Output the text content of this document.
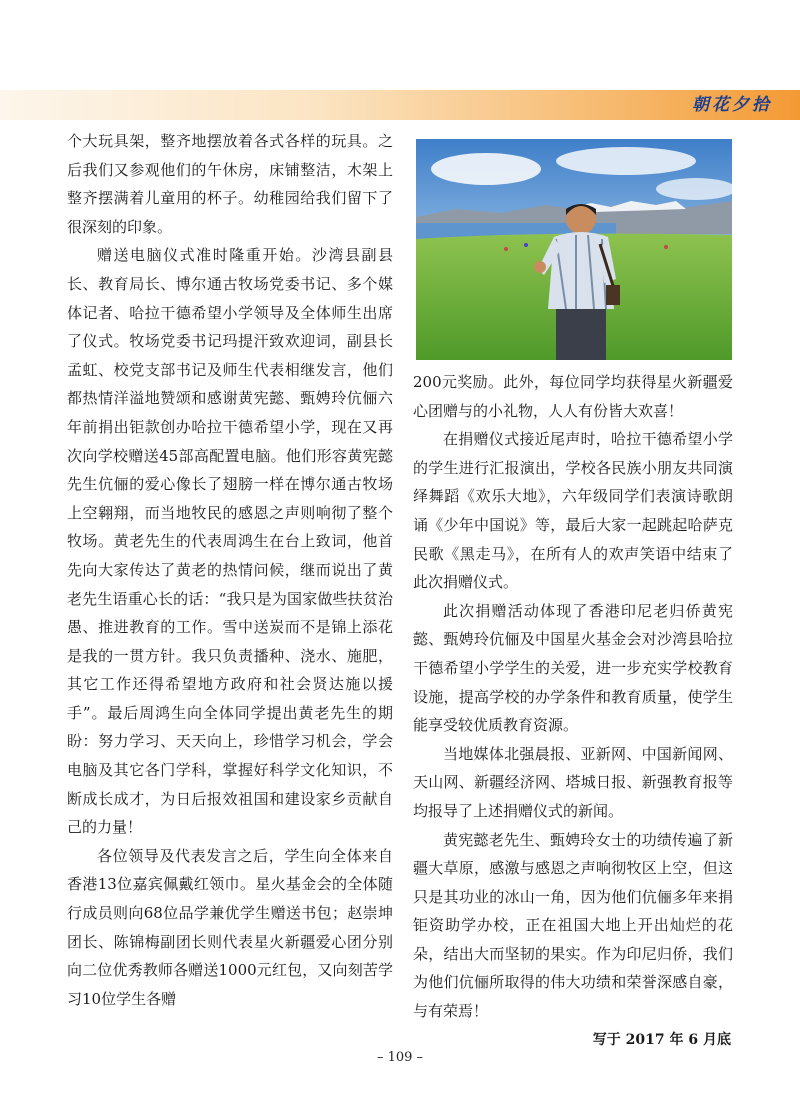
朝花夕拾

个大玩具架，整齐地摆放着各式各样的玩具。之后我们又参观他们的午休房，床铺整洁，木架上整齐摆满着儿童用的杯子。幼稚园给我们留下了很深刻的印象。

赠送电脑仪式准时隆重开始。沙湾县副县长、教育局长、博尔通古牧场党委书记、多个媒体记者、哈拉干德希望小学领导及全体师生出席了仪式。牧场党委书记玛提汗致欢迎词，副县长孟虹、校党支部书记及师生代表相继发言，他们都热情洋溢地赞颂和感谢黄宪懿、甄娉玲伉俪六年前捐出钜款创办哈拉干德希望小学，现在又再次向学校赠送45部高配置电脑。他们形容黄宪懿先生伉俪的爱心像长了翅膀一样在博尔通古牧场上空翱翔，而当地牧民的感恩之声则响彻了整个牧场。黄老先生的代表周鸿生在台上致词，他首先向大家传达了黄老的热情问候，继而说出了黄老先生语重心长的话：“我只是为国家做些扶贫治愚、推进教育的工作。雪中送炭而不是锦上添花是我的一贯方针。我只负责播种、浇水、施肥，其它工作还得希望地方政府和社会贤达施以援手”。最后周鸿生向全体同学提出黄老先生的期盼：努力学习、天天向上，珍惜学习机会，学会电脑及其它各门学科，掌握好科学文化知识，不断成长成才，为日后报效祖国和建设家乡贡献自己的力量！

各位领导及代表发言之后，学生向全体来自香港13位嘉宾佩戴红领巾。星火基金会的全体随行成员则向68位品学兼优学生赠送书包；赵崇坤团长、陈锦梅副团长则代表星火新疆爱心团分别向二位优秀教师各赠送1000元红包，又向刻苦学习10位学生各赠

200元奖励。此外，每位同学均获得星火新疆爱心团赠与的小礼物，人人有份皆大欢喜！

在捐赠仪式接近尾声时，哈拉干德希望小学的学生进行汇报演出，学校各民族小朋友共同演绎舞蹈《欢乐大地》，六年级同学们表演诗歌朗诵《少年中国说》等，最后大家一起跳起哈萨克民歌《黑走马》，在所有人的欢声笑语中结束了此次捐赠仪式。

此次捐赠活动体现了香港印尼老归侨黄宪懿、甄娉玲伉俪及中国星火基金会对沙湾县哈拉干德希望小学学生的关爱，进一步充实学校教育设施，提高学校的办学条件和教育质量，使学生能享受较优质教育资源。

当地媒体北强晨报、亚新网、中国新闻网、天山网、新疆经济网、塔城日报、新强教育报等均报导了上述捐赠仪式的新闻。

黄宪懿老先生、甄娉玲女士的功绩传遍了新疆大草原，感激与感恩之声响彻牧区上空，但这只是其功业的冰山一角，因为他们伉俪多年来捐钜资助学办校，正在祖国大地上开出灿烂的花朵，结出大而坚韧的果实。作为印尼归侨，我们为他们伉俪所取得的伟大功绩和荣誉深感自豪，与有荣焉！

写于 2017 年 6 月底

– 109 –
